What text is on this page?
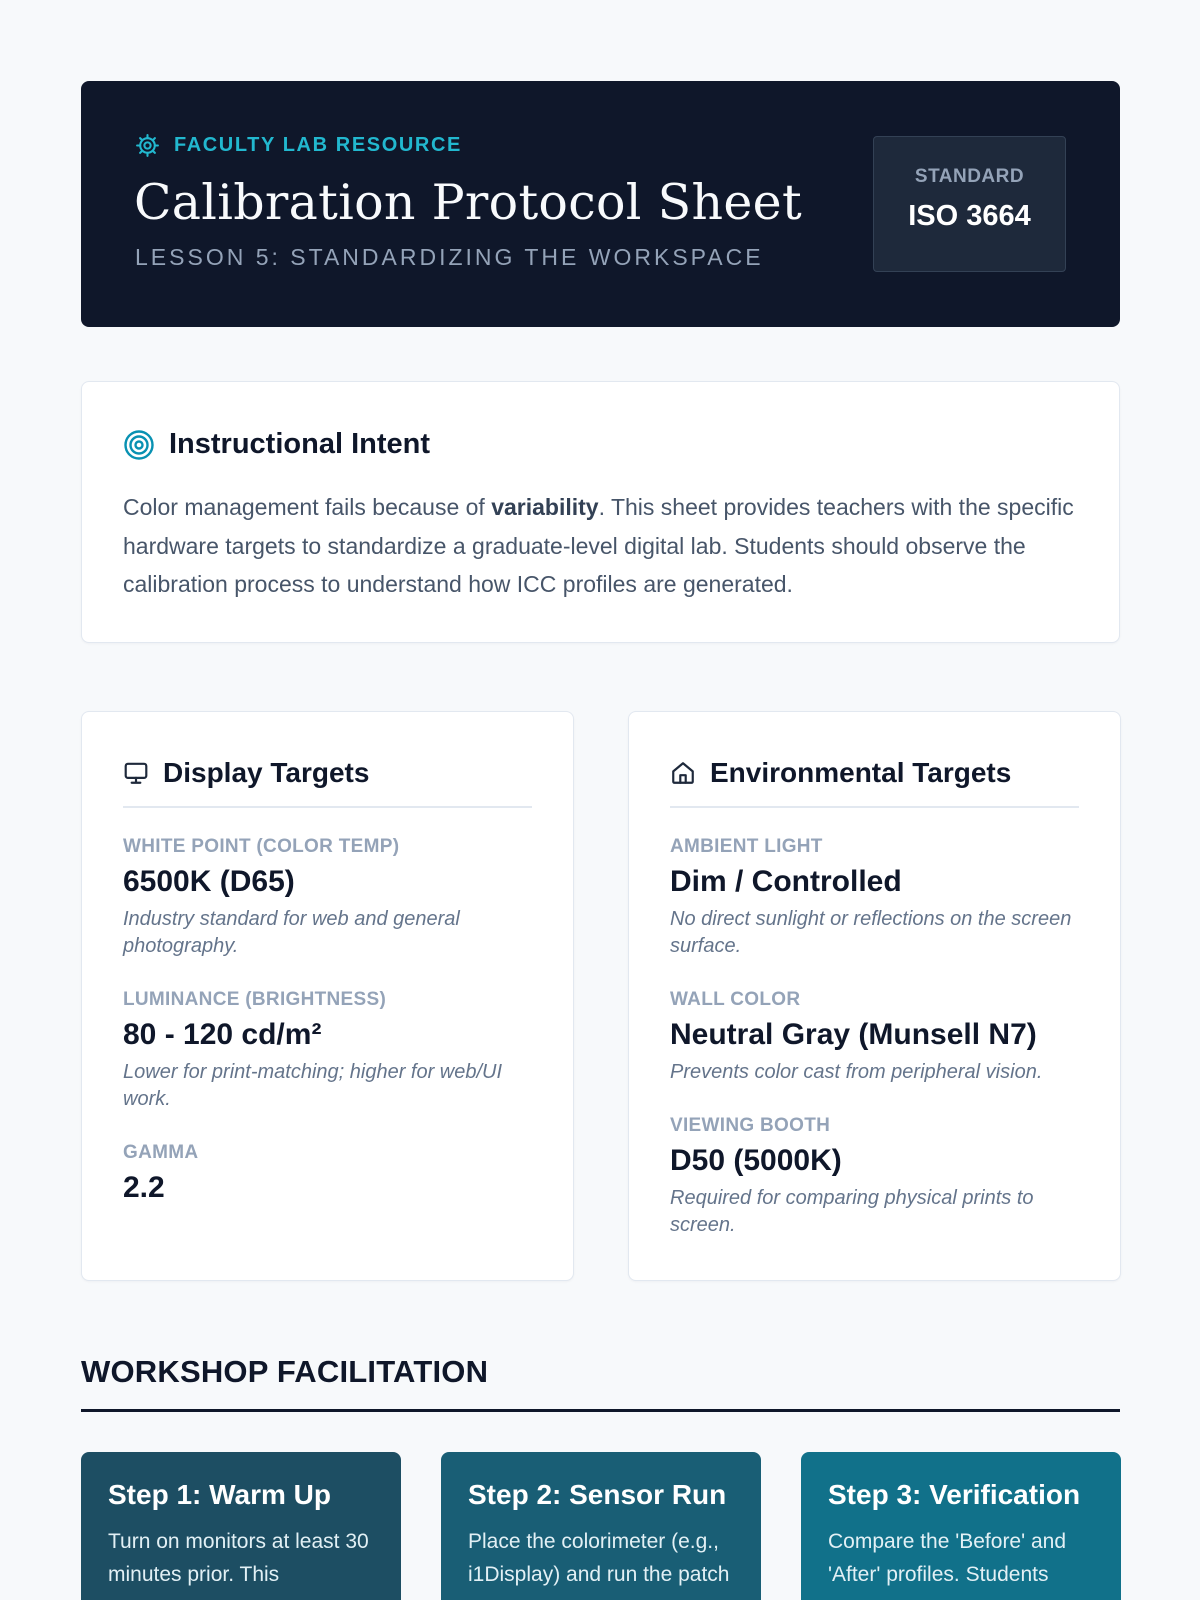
FACULTY LAB RESOURCE
Calibration Protocol Sheet
LESSON 5: STANDARDIZING THE WORKSPACE
STANDARD
ISO 3664
Instructional Intent

Color management fails because of variability. This sheet provides teachers with the specific hardware targets to standardize a graduate-level digital lab. Students should observe the calibration process to understand how ICC profiles are generated.

Display Targets
WHITE POINT (COLOR TEMP)
6500K (D65)
Industry standard for web and general photography.
LUMINANCE (BRIGHTNESS)
80 - 120 cd/m²
Lower for print-matching; higher for web/UI work.
GAMMA
2.2
Environmental Targets
AMBIENT LIGHT
Dim / Controlled
No direct sunlight or reflections on the screen surface.
WALL COLOR
Neutral Gray (Munsell N7)
Prevents color cast from peripheral vision.
VIEWING BOOTH
D50 (5000K)
Required for comparing physical prints to screen.
WORKSHOP FACILITATION
Step 1: Warm Up
Turn on monitors at least 30 minutes prior. This
Step 2: Sensor Run
Place the colorimeter (e.g., i1Display) and run the patch
Step 3: Verification
Compare the 'Before' and 'After' profiles. Students
